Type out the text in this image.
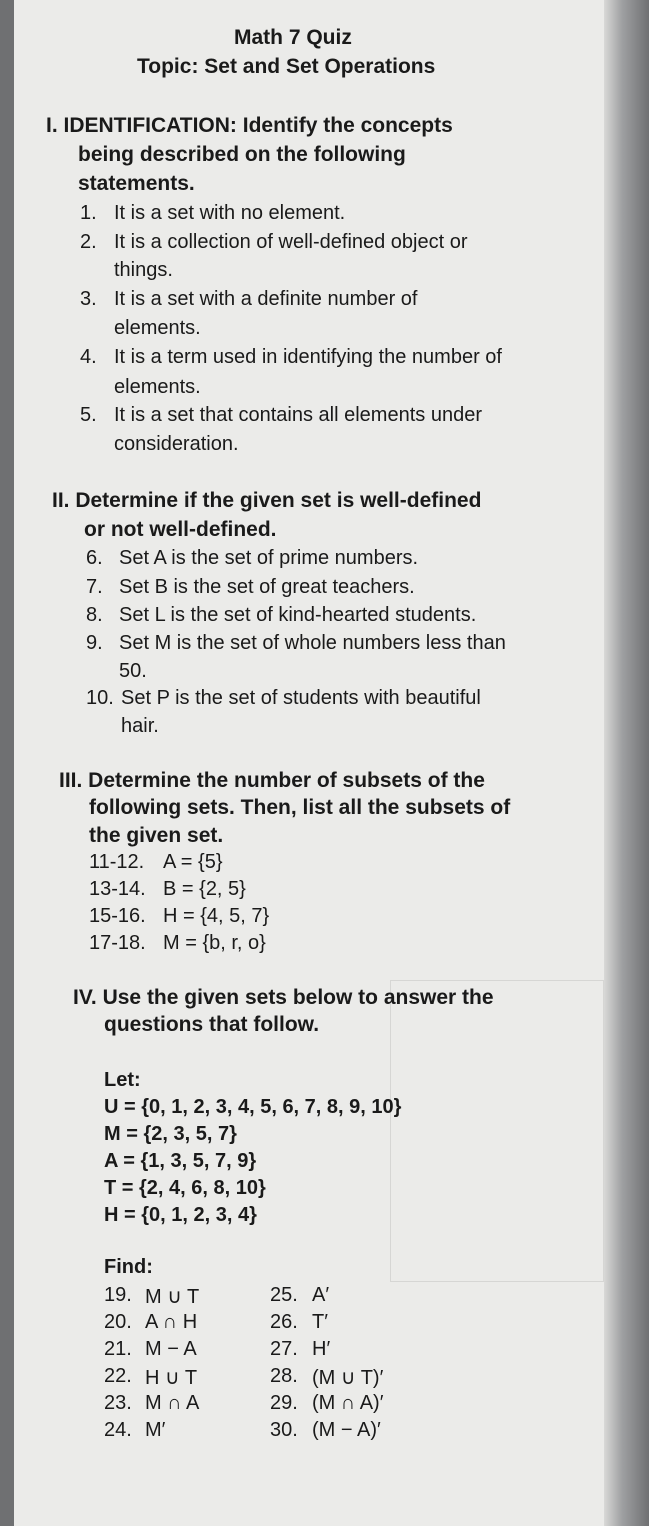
Math 7 Quiz
Topic: Set and Set Operations
I. IDENTIFICATION: Identify the concepts
being described on the following
statements.
1. It is a set with no element.
2. It is a collection of well-defined object or
things.
3. It is a set with a definite number of
elements.
4. It is a term used in identifying the number of
elements.
5. It is a set that contains all elements under
consideration.
II. Determine if the given set is well-defined
or not well-defined.
6. Set A is the set of prime numbers.
7. Set B is the set of great teachers.
8. Set L is the set of kind-hearted students.
9. Set M is the set of whole numbers less than
50.
10. Set P is the set of students with beautiful
hair.
III. Determine the number of subsets of the
following sets. Then, list all the subsets of
the given set.
11-12. A = {5}
13-14. B = {2, 5}
15-16. H = {4, 5, 7}
17-18. M = {b, r, o}
IV. Use the given sets below to answer the
questions that follow.
Let:
U = {0, 1, 2, 3, 4, 5, 6, 7, 8, 9, 10}
M = {2, 3, 5, 7}
A = {1, 3, 5, 7, 9}
T = {2, 4, 6, 8, 10}
H = {0, 1, 2, 3, 4}
Find:
19. M ∪ T
20. A ∩ H
21. M − A
22. H ∪ T
23. M ∩ A
24. M′
25. A′
26. T′
27. H′
28. (M ∪ T)′
29. (M ∩ A)′
30. (M − A)′
